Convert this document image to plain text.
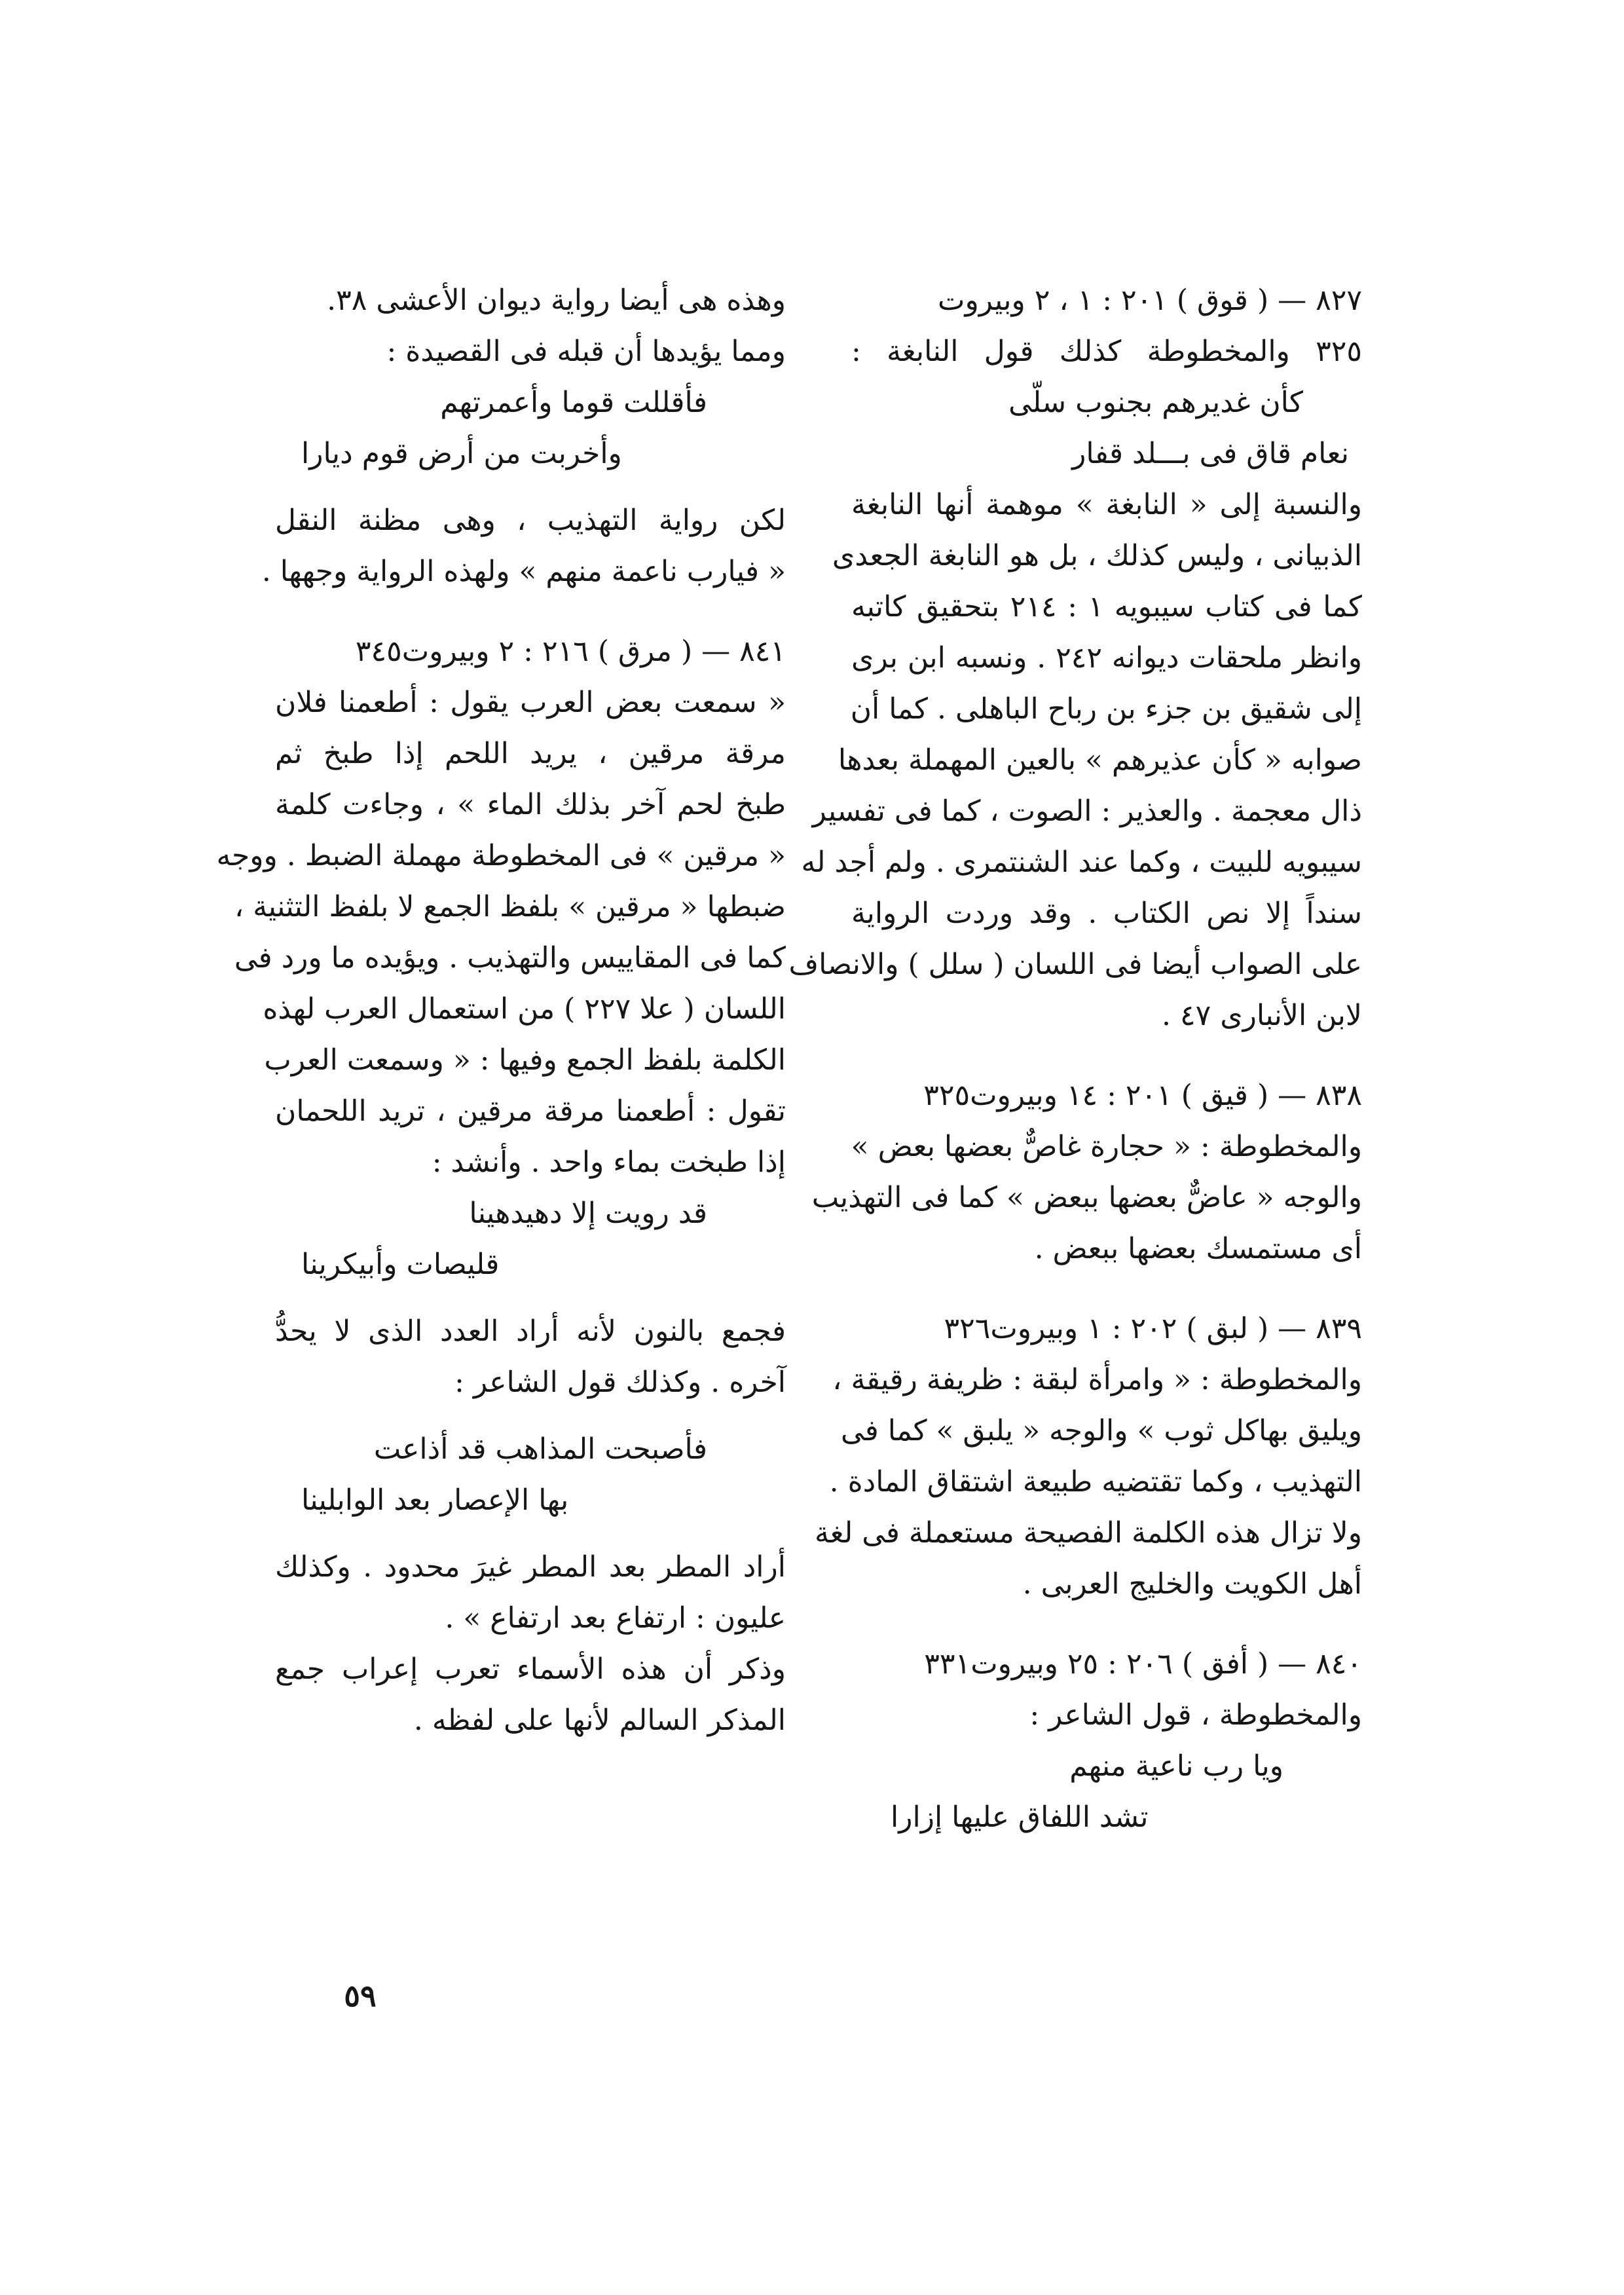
٨٢٧ — ( قوق ) ٢٠١ : ١ ، ٢ وبيروت
٣٢٥ والمخطوطة كذلك قول النابغة :
كأن غديرهم بجنوب سلّى
نعام قاق فى بـــلد قفار
والنسبة إلى « النابغة » موهمة أنها النابغة
الذبيانى ، وليس كذلك ، بل هو النابغة الجعدى
كما فى كتاب سيبويه ١ : ٢١٤ بتحقيق كاتبه
وانظر ملحقات ديوانه ٢٤٢ . ونسبه ابن برى
إلى شقيق بن جزء بن رباح الباهلى . كما أن
صوابه « كأن عذيرهم » بالعين المهملة بعدها
ذال معجمة . والعذير : الصوت ، كما فى تفسير
سيبويه للبيت ، وكما عند الشنتمرى . ولم أجد له
سنداً إلا نص الكتاب . وقد وردت الرواية
على الصواب أيضا فى اللسان ( سلل ) والانصاف
لابن الأنبارى ٤٧ .
٨٣٨ — ( قيق ) ٢٠١ : ١٤ وبيروت٣٢٥
والمخطوطة : « حجارة غاصٌّ بعضها بعض »
والوجه « عاضٌّ بعضها ببعض » كما فى التهذيب
أى مستمسك بعضها ببعض .
٨٣٩ — ( لبق ) ٢٠٢ : ١ وبيروت٣٢٦
والمخطوطة : « وامرأة لبقة : ظريفة رقيقة ،
ويليق بهاكل ثوب » والوجه « يلبق » كما فى
التهذيب ، وكما تقتضيه طبيعة اشتقاق المادة .
ولا تزال هذه الكلمة الفصيحة مستعملة فى لغة
أهل الكويت والخليج العربى .
٨٤٠ — ( أفق ) ٢٠٦ : ٢٥ وبيروت٣٣١
والمخطوطة ، قول الشاعر :
ويا رب ناعية منهم
تشد اللفاق عليها إزارا
وهذه هى أيضا رواية ديوان الأعشى ٣٨.
ومما يؤيدها أن قبله فى القصيدة :
فأقللت قوما وأعمرتهم
وأخربت من أرض قوم ديارا
لكن رواية التهذيب ، وهى مظنة النقل
« فيارب ناعمة منهم » ولهذه الرواية وجهها .
٨٤١ — ( مرق ) ٢١٦ : ٢ وبيروت٣٤٥
« سمعت بعض العرب يقول : أطعمنا فلان
مرقة مرقين ، يريد اللحم إذا طبخ ثم
طبخ لحم آخر بذلك الماء » ، وجاءت كلمة
« مرقين » فى المخطوطة مهملة الضبط . ووجه
ضبطها « مرقين » بلفظ الجمع لا بلفظ التثنية ،
كما فى المقاييس والتهذيب . ويؤيده ما ورد فى
اللسان ( علا ٢٢٧ ) من استعمال العرب لهذه
الكلمة بلفظ الجمع وفيها : « وسمعت العرب
تقول : أطعمنا مرقة مرقين ، تريد اللحمان
إذا طبخت بماء واحد . وأنشد :
قد رويت إلا دهيدهينا
قليصات وأبيكرينا
فجمع بالنون لأنه أراد العدد الذى لا يحدُّ
آخره . وكذلك قول الشاعر :
فأصبحت المذاهب قد أذاعت
بها الإعصار بعد الوابلينا
أراد المطر بعد المطر غيرَ محدود . وكذلك
عليون : ارتفاع بعد ارتفاع » .
وذكر أن هذه الأسماء تعرب إعراب جمع
المذكر السالم لأنها على لفظه .
٥٩
